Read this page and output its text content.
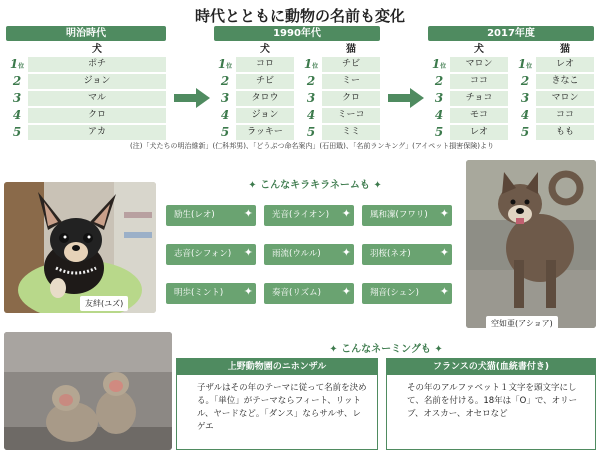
時代とともに動物の名前も変化
明治時代
犬
1位	ポチ
2	ジョン
3	マル
4	クロ
5	アカ
1990年代
犬	猫
1位	コロ
2	チビ
3	タロウ
4	ジョン
5	ラッキー
1位	チビ
2	ミー
3	クロ
4	ミーコ
5	ミミ
2017年度
犬	猫
1位	マロン
2	ココ
3	チョコ
4	モコ
5	レオ
1位	レオ
2	きなこ
3	マロン
4	ココ
5	もも
(注)「犬たちの明治維新」(仁科邦男)、「どうぶつ命名案内」(石田戢)、「名前ランキング」(アイペット損害保険)より
友絆(ユズ)
空如亜(アショア)
✦ こんなキラキラネームも ✦
励生(レオ)	✦	光音(ライオン) ✦	風和凜(フワリ) ✦
志音(シフォン) ✦	雨流(ウルル) ✦	羽桜(ネオ)	✦
明歩(ミント) ✦	奏音(リズム) ✦	翔音(シュン) ✦
✦ こんなネーミングも ✦
上野動物園のニホンザル
子ザルはその年のテーマに従って名前を決める。「単位」がテーマならフィート、リットル、ヤードなど。「ダンス」ならサルサ、レゲエ
フランスの犬猫(血統書付き)
その年のアルファベット１文字を頭文字にして、名前を付ける。18年は「O」で、オリーブ、オスカー、オセロなど
